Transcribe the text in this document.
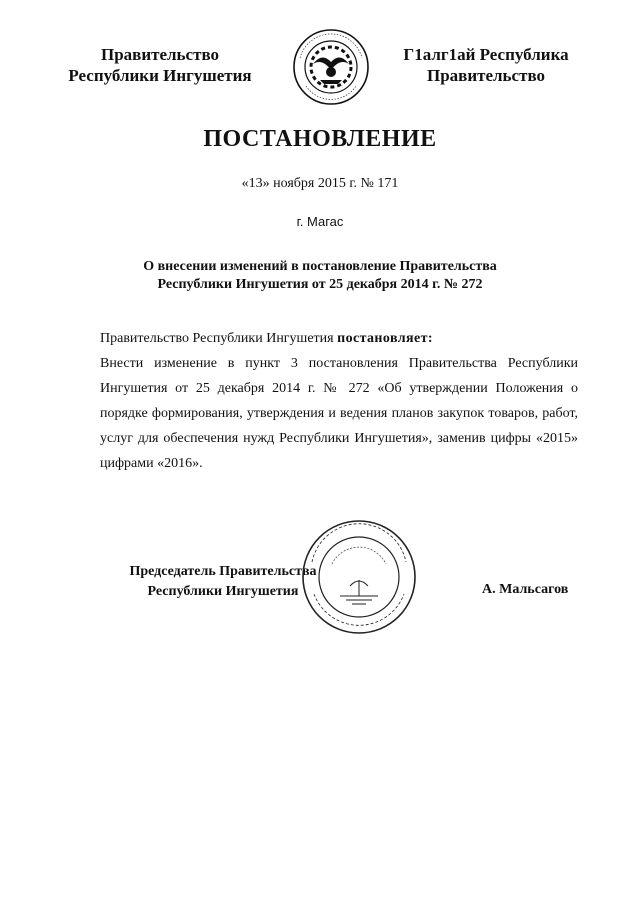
Правительство
Республики Ингушетия
Г1алг1ай Республика
Правительство
ПОСТАНОВЛЕНИЕ
«13» ноября 2015 г. № 171
г. Магас
О внесении изменений в постановление Правительства
Республики Ингушетия от 25 декабря 2014 г. № 272
Правительство Республики Ингушетия постановляет:
Внести изменение в пункт 3 постановления Правительства Республики Ингушетия от 25 декабря 2014 г. № 272 «Об утверждении Положения о порядке формирования, утверждения и ведения планов закупок товаров, работ, услуг для обеспечения нужд Республики Ингушетия», заменив цифры «2015» цифрами «2016».
Председатель Правительства
Республики Ингушетия	А. Мальсагов
